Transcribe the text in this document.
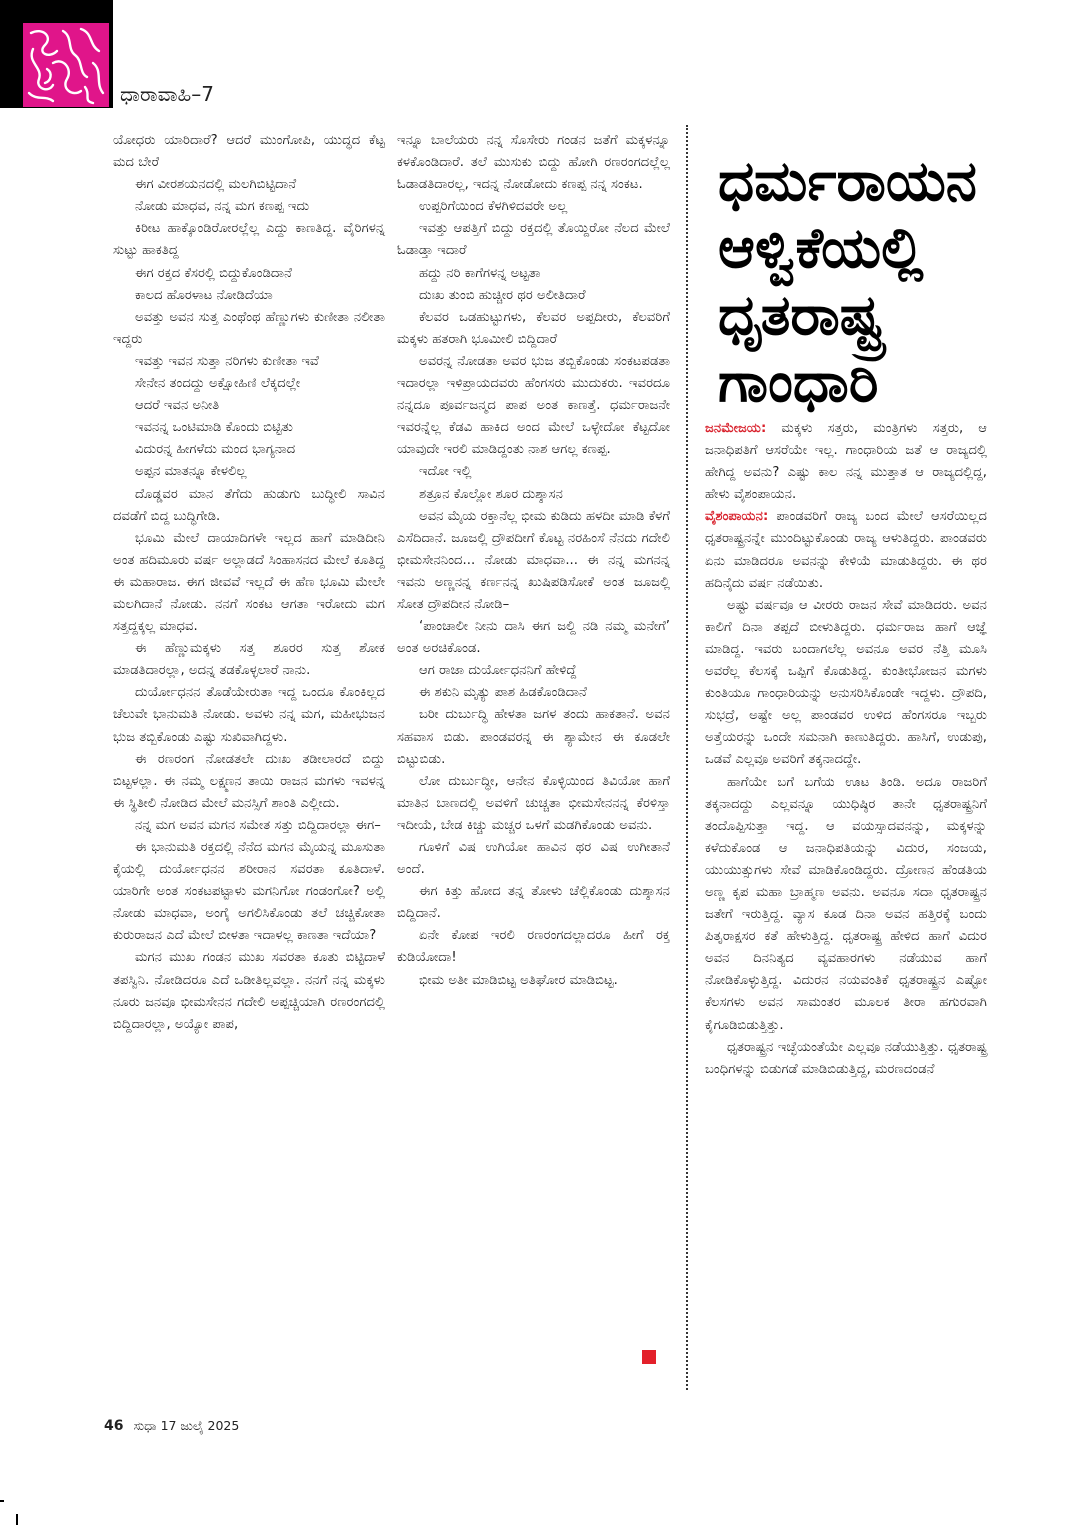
ಧಾರಾವಾಹಿ–7

ಯೋಧರು ಯಾರಿದಾರೆ? ಆದರೆ ಮುಂಗೋಪಿ, ಯುದ್ಧದ ಕೆಟ್ಟ ಮದ ಬೇರೆ

ಈಗ ವೀರಶಯನದಲ್ಲಿ ಮಲಗಿಬಿಟ್ಟಿದಾನೆ

ನೋಡು ಮಾಧವ, ನನ್ನ ಮಗ ಕಣಪ್ಪ ಇದು

ಕಿರೀಟ ಹಾಕ್ಕೊಂಡಿರೋರಲ್ಲೆಲ್ಲ ಎದ್ದು ಕಾಣತಿದ್ದ. ವೈರಿಗಳನ್ನ ಸುಟ್ಟು ಹಾಕತಿದ್ದ

ಈಗ ರಕ್ತದ ಕೆಸರಲ್ಲಿ ಬಿದ್ದುಕೊಂಡಿದಾನೆ

ಕಾಲದ ಹೊರಳಾಟ ನೋಡಿದೆಯಾ

ಅವತ್ತು ಅವನ ಸುತ್ತ ಎಂಥೆಂಥ ಹೆಣ್ಣುಗಳು ಕುಣೀತಾ ನಲೀತಾ ಇದ್ದರು

ಇವತ್ತು ಇವನ ಸುತ್ತಾ ನರಿಗಳು ಕುಣೀತಾ ಇವೆ

ಸೇನೇನ ತಂದದ್ದು ಅಕ್ಷೋಹಿಣಿ ಲೆಕ್ಕದಲ್ಲೇ

ಆದರೆ ಇವನ ಅನೀತಿ

ಇವನನ್ನ ಒಂಟಿಮಾಡಿ ಕೊಂದು ಬಿಟ್ಟಿತು

ವಿದುರನ್ನ ಹೀಗಳೆದು ಮಂದ ಭಾಗ್ಯನಾದ

ಅಪ್ಪನ ಮಾತನ್ನೂ ಕೇಳಲಿಲ್ಲ

ದೊಡ್ಡವರ ಮಾನ ತೆಗೆದು ಹುಡುಗು ಬುದ್ಧೀಲಿ ಸಾವಿನ ದವಡೆಗೆ ಬಿದ್ದ ಬುದ್ಧಿಗೇಡಿ.

ಭೂಮಿ ಮೇಲೆ ದಾಯಾದಿಗಳೇ ಇಲ್ಲದ ಹಾಗೆ ಮಾಡಿದೀನಿ ಅಂತ ಹದಿಮೂರು ವರ್ಷ ಅಲ್ಲಾಡದೆ ಸಿಂಹಾಸನದ ಮೇಲೆ ಕೂತಿದ್ದ ಈ ಮಹಾರಾಜ. ಈಗ ಜೀವವೆ ಇಲ್ಲದೆ ಈ ಹೆಣ ಭೂಮಿ ಮೇಲೇ ಮಲಗಿದಾನೆ ನೋಡು. ನನಗೆ ಸಂಕಟ ಆಗತಾ ಇರೋದು ಮಗ ಸತ್ತದ್ದಕ್ಕಲ್ಲ ಮಾಧವ.

ಈ ಹೆಣ್ಣುಮಕ್ಕಳು ಸತ್ತ ಶೂರರ ಸುತ್ತ ಶೋಕ ಮಾಡತಿದಾರಲ್ಲಾ, ಅದನ್ನ ತಡಕೊಳ್ಳಲಾರೆ ನಾನು.

ದುರ್ಯೋಧನನ ತೊಡೆಯೇರುತಾ ಇದ್ದ ಒಂದೂ ಕೊಂಕಿಲ್ಲದ ಚೆಲುವೇ ಭಾನುಮತಿ ನೋಡು. ಅವಳು ನನ್ನ ಮಗ, ಮಹೀಭುಜನ ಭುಜ ತಬ್ಬಿಕೊಂಡು ಎಷ್ಟು ಸುಖಿವಾಗಿದ್ದಳು.

ಈ ರಣರಂಗ ನೋಡತಲೇ ದುಃಖ ತಡೀಲಾರದೆ ಬಿದ್ದು ಬಿಟ್ಟಳಲ್ಲಾ. ಈ ನಮ್ಮ ಲಕ್ಷ್ಮಣನ ತಾಯಿ ರಾಜನ ಮಗಳು ಇವಳನ್ನ ಈ ಸ್ಥಿತೀಲಿ ನೋಡಿದ ಮೇಲೆ ಮನಸ್ಸಿಗೆ ಶಾಂತಿ ಎಲ್ಲೀದು.

ನನ್ನ ಮಗ ಅವನ ಮಗನ ಸಮೇತ ಸತ್ತು ಬಿದ್ದಿದಾರಲ್ಲಾ ಈಗ–

ಈ ಭಾನುಮತಿ ರಕ್ತದಲ್ಲಿ ನೆನೆದ ಮಗನ ಮೈಯನ್ನ ಮೂಸುತಾ ಕೈಯಲ್ಲಿ ದುರ್ಯೋಧನನ ಶರೀರಾನ ಸವರತಾ ಕೂತಿದಾಳೆ. ಯಾರಿಗೇ ಅಂತ ಸಂಕಟಪಟ್ಟಾಳು ಮಗನಿಗೋ ಗಂಡಂಗೋ? ಅಲ್ಲಿ ನೋಡು ಮಾಧವಾ, ಅಂಗೈ ಅಗಲಿಸಿಕೊಂಡು ತಲೆ ಚಚ್ಚಿಕೋತಾ ಕುರುರಾಜನ ಎದೆ ಮೇಲೆ ಬೀಳತಾ ಇದಾಳಲ್ಲ ಕಾಣತಾ ಇದೆಯಾ?

ಮಗನ ಮುಖ ಗಂಡನ ಮುಖ ಸವರತಾ ಕೂತು ಬಿಟ್ಟಿದಾಳೆ ತಪಸ್ವಿನಿ. ನೋಡಿದರೂ ಎದೆ ಒಡೀತಿಲ್ಲವಲ್ಲಾ. ನನಗೆ ನನ್ನ ಮಕ್ಕಳು ನೂರು ಜನವೂ ಭೀಮಸೇನನ ಗದೇಲಿ ಅಪ್ಪಚ್ಚಿಯಾಗಿ ರಣರಂಗದಲ್ಲಿ ಬಿದ್ದಿದಾರಲ್ಲಾ, ಅಯ್ಯೋ ಪಾಪ,

ಇನ್ನೂ ಬಾಲೆಯರು ನನ್ನ ಸೊಸೇರು ಗಂಡನ ಜತೆಗೆ ಮಕ್ಕಳನ್ನೂ ಕಳಕೊಂಡಿದಾರೆ. ತಲೆ ಮುಸುಕು ಬಿದ್ದು ಹೋಗಿ ರಣರಂಗದಲ್ಲೆಲ್ಲ ಓಡಾಡತಿದಾರಲ್ಲ, ಇದನ್ನ ನೋಡೋದು ಕಣಪ್ಪ ನನ್ನ ಸಂಕಟ.

ಉಪ್ಪರಿಗೆಯಿಂದ ಕೆಳಗಿಳಿದವರೇ ಅಲ್ಲ

ಇವತ್ತು ಆಪತ್ತಿಗೆ ಬಿದ್ದು ರಕ್ತದಲ್ಲಿ ತೊಯ್ದಿರೋ ನೆಲದ ಮೇಲೆ ಓಡಾಡ್ತಾ ಇದಾರೆ

ಹದ್ದು ನರಿ ಕಾಗೆಗಳನ್ನ ಅಟ್ಟತಾ

ದುಃಖ ತುಂಬಿ ಹುಚ್ಚೀರ ಥರ ಅಲೀತಿದಾರೆ

ಕೆಲವರ ಒಡಹುಟ್ಟುಗಳು, ಕೆಲವರ ಅಪ್ಪದೀರು, ಕೆಲವರಿಗೆ ಮಕ್ಕಳು ಹತರಾಗಿ ಭೂಮೀಲಿ ಬಿದ್ದಿದಾರೆ

ಅವರನ್ನ ನೋಡತಾ ಅವರ ಭುಜ ತಬ್ಬಿಕೊಂಡು ಸಂಕಟಪಡತಾ ಇದಾರಲ್ಲಾ ಇಳಿಪ್ರಾಯದವರು ಹೆಂಗಸರು ಮುದುಕರು. ಇವರದೂ ನನ್ನದೂ ಪೂರ್ವಜನ್ಮದ ಪಾಪ ಅಂತ ಕಾಣತ್ತೆ. ಧರ್ಮರಾಜನೇ ಇವರನ್ನೆಲ್ಲ ಕೆಡವಿ ಹಾಕಿದ ಅಂದ ಮೇಲೆ ಒಳ್ಳೇದೋ ಕೆಟ್ಟದೋ ಯಾವುದೇ ಇರಲಿ ಮಾಡಿದ್ದಂತು ನಾಶ ಆಗಲ್ಲ ಕಣಪ್ಪ.

ಇದೋ ಇಲ್ಲಿ

ಶತ್ರೂನ ಕೊಲ್ಲೋ ಶೂರ ದುಶ್ಶಾಸನ

ಅವನ ಮೈಯ ರಕ್ತಾನೆಲ್ಲ ಭೀಮ ಕುಡಿದು ಹಳದೀ ಮಾಡಿ ಕೆಳಗೆ ಎಸೆದಿದಾನೆ. ಜೂಜಲ್ಲಿ ದ್ರೌಪದೀಗೆ ಕೊಟ್ಟ ನರಹಿಂಸೆ ನೆನದು ಗದೇಲಿ ಭೀಮಸೇನನಿಂದ... ನೋಡು ಮಾಧವಾ... ಈ ನನ್ನ ಮಗನನ್ನ ಇವನು ಅಣ್ಣನನ್ನ ಕರ್ಣನನ್ನ ಖುಷಿಪಡಿಸೋಕೆ ಅಂತ ಜೂಜಲ್ಲಿ ಸೋತ ದ್ರೌಪದೀನ ನೋಡಿ–

‘ಪಾಂಚಾಲೀ ನೀನು ದಾಸಿ ಈಗ ಜಲ್ದಿ ನಡಿ ನಮ್ಮ ಮನೇಗೆ’ ಅಂತ ಅರಚಿಕೊಂಡ.

ಆಗ ರಾಜಾ ದುರ್ಯೋಧನನಿಗೆ ಹೇಳಿದ್ದೆ

ಈ ಶಕುನಿ ಮೃತ್ಯು ಪಾಶ ಹಿಡಕೊಂಡಿದಾನೆ

ಬರೀ ದುರ್ಬುದ್ಧಿ ಹೇಳತಾ ಜಗಳ ತಂದು ಹಾಕತಾನೆ. ಅವನ ಸಹವಾಸ ಬಿಡು. ಪಾಂಡವರನ್ನ ಈ ಶ್ಯಾಮೇನ ಈ ಕೂಡಲೇ ಬಿಟ್ಟುಬಿಡು.

ಲೋ ದುರ್ಬುದ್ಧೀ, ಆನೇನ ಕೊಳ್ಳಿಯಿಂದ ತಿವಿಯೋ ಹಾಗೆ ಮಾತಿನ ಬಾಣದಲ್ಲಿ ಅವಳಿಗೆ ಚುಚ್ಚತಾ ಭೀಮಸೇನನನ್ನ ಕೆರಳಿಸ್ತಾ ಇದೀಯೆ, ಬೇಡ ಕಿಚ್ಚು ಮಚ್ಚರ ಒಳಗೆ ಮಡಗಿಕೊಂಡು ಅವನು.

ಗೂಳಿಗೆ ವಿಷ ಉಗಿಯೋ ಹಾವಿನ ಥರ ವಿಷ ಉಗೀತಾನೆ ಅಂದೆ.

ಈಗ ಕಿತ್ತು ಹೋದ ತನ್ನ ತೋಳು ಚೆಲ್ಲಿಕೊಂಡು ದುಶ್ಶಾಸನ ಬಿದ್ದಿದಾನೆ.

ಏನೇ ಕೋಪ ಇರಲಿ ರಣರಂಗದಲ್ಲಾದರೂ ಹೀಗೆ ರಕ್ತ ಕುಡಿಯೋದಾ!

ಭೀಮ ಅತೀ ಮಾಡಿಬಿಟ್ಟ ಅತಿಘೋರ ಮಾಡಿಬಿಟ್ಟ.

ಧರ್ಮರಾಯನ
ಆಳ್ವಿಕೆಯಲ್ಲಿ
ಧೃತರಾಷ್ಟ್ರ
ಗಾಂಧಾರಿ

ಜನಮೇಜಯ: ಮಕ್ಕಳು ಸತ್ತರು, ಮಂತ್ರಿಗಳು ಸತ್ತರು, ಆ ಜನಾಧಿಪತಿಗೆ ಆಸರೆಯೇ ಇಲ್ಲ. ಗಾಂಧಾರಿಯ ಜತೆ ಆ ರಾಜ್ಯದಲ್ಲಿ ಹೇಗಿದ್ದ ಅವನು? ಎಷ್ಟು ಕಾಲ ನನ್ನ ಮುತ್ತಾತ ಆ ರಾಜ್ಯದಲ್ಲಿದ್ದ, ಹೇಳು ವೈಶಂಪಾಯನ.

ವೈಶಂಪಾಯನ: ಪಾಂಡವರಿಗೆ ರಾಜ್ಯ ಬಂದ ಮೇಲೆ ಆಸರೆಯಿಲ್ಲದ ಧೃತರಾಷ್ಟ್ರನನ್ನೇ ಮುಂದಿಟ್ಟುಕೊಂಡು ರಾಜ್ಯ ಆಳುತಿದ್ದರು. ಪಾಂಡವರು ಏನು ಮಾಡಿದರೂ ಅವನನ್ನು ಕೇಳಿಯೆ ಮಾಡುತಿದ್ದರು. ಈ ಥರ ಹದಿನೈದು ವರ್ಷ ನಡೆಯಿತು.

ಅಷ್ಟು ವರ್ಷವೂ ಆ ವೀರರು ರಾಜನ ಸೇವೆ ಮಾಡಿದರು. ಅವನ ಕಾಲಿಗೆ ದಿನಾ ತಪ್ಪದೆ ಬೀಳುತಿದ್ದರು. ಧರ್ಮರಾಜ ಹಾಗೆ ಆಜ್ಞೆ ಮಾಡಿದ್ದ. ಇವರು ಬಂದಾಗಲೆಲ್ಲ ಅವನೂ ಅವರ ನೆತ್ತಿ ಮೂಸಿ ಅವರೆಲ್ಲ ಕೆಲಸಕ್ಕೆ ಒಪ್ಪಿಗೆ ಕೊಡುತಿದ್ದ. ಕುಂತೀಭೋಜನ ಮಗಳು ಕುಂತಿಯೂ ಗಾಂಧಾರಿಯನ್ನು ಅನುಸರಿಸಿಕೊಂಡೇ ಇದ್ದಳು. ದ್ರೌಪದಿ, ಸುಭದ್ರೆ, ಅಷ್ಟೇ ಅಲ್ಲ ಪಾಂಡವರ ಉಳಿದ ಹೆಂಗಸರೂ ಇಬ್ಬರು ಅತ್ತೆಯರನ್ನು ಒಂದೇ ಸಮನಾಗಿ ಕಾಣುತಿದ್ದರು. ಹಾಸಿಗೆ, ಉಡುಪು, ಒಡವೆ ಎಲ್ಲವೂ ಅವರಿಗೆ ತಕ್ಕನಾದದ್ದೇ.

ಹಾಗೆಯೇ ಬಗೆ ಬಗೆಯ ಊಟ ತಿಂಡಿ. ಅದೂ ರಾಜರಿಗೆ ತಕ್ಕನಾದದ್ದು ಎಲ್ಲವನ್ನೂ ಯುಧಿಷ್ಠಿರ ತಾನೇ ಧೃತರಾಷ್ಟ್ರನಿಗೆ ತಂದೊಪ್ಪಿಸುತ್ತಾ ಇದ್ದ. ಆ ವಯಸ್ಸಾದವನನ್ನು, ಮಕ್ಕಳನ್ನು ಕಳೆದುಕೊಂಡ ಆ ಜನಾಧಿಪತಿಯನ್ನು ವಿದುರ, ಸಂಜಯ, ಯುಯುತ್ಸುಗಳು ಸೇವೆ ಮಾಡಿಕೊಂಡಿದ್ದರು. ದ್ರೋಣನ ಹೆಂಡತಿಯ ಅಣ್ಣ ಕೃಪ ಮಹಾ ಬ್ರಾಹ್ಮಣ ಅವನು. ಅವನೂ ಸದಾ ಧೃತರಾಷ್ಟ್ರನ ಜತೇಗೆ ಇರುತ್ತಿದ್ದ. ವ್ಯಾಸ ಕೂಡ ದಿನಾ ಅವನ ಹತ್ತಿರಕ್ಕೆ ಬಂದು ಪಿತೃರಾಕ್ಷಸರ ಕತೆ ಹೇಳುತ್ತಿದ್ದ. ಧೃತರಾಷ್ಟ್ರ ಹೇಳಿದ ಹಾಗೆ ವಿದುರ ಅವನ ದಿನನಿತ್ಯದ ವ್ಯವಹಾರಗಳು ನಡೆಯುವ ಹಾಗೆ ನೋಡಿಕೊಳ್ಳುತ್ತಿದ್ದ. ವಿದುರನ ನಯವಂತಿಕೆ ಧೃತರಾಷ್ಟ್ರನ ಎಷ್ಟೋ ಕೆಲಸಗಳು ಅವನ ಸಾಮಂತರ ಮೂಲಕ ತೀರಾ ಹಗುರವಾಗಿ ಕೈಗೂಡಿಬಿಡುತ್ತಿತ್ತು.

ಧೃತರಾಷ್ಟ್ರನ ಇಚ್ಛೆಯಂತೆಯೇ ಎಲ್ಲವೂ ನಡೆಯುತ್ತಿತ್ತು. ಧೃತರಾಷ್ಟ್ರ ಬಂಧಿಗಳನ್ನು ಬಿಡುಗಡೆ ಮಾಡಿಬಿಡುತ್ತಿದ್ದ, ಮರಣದಂಡನೆ

46 ಸುಧಾ 17 ಜುಲೈ 2025
